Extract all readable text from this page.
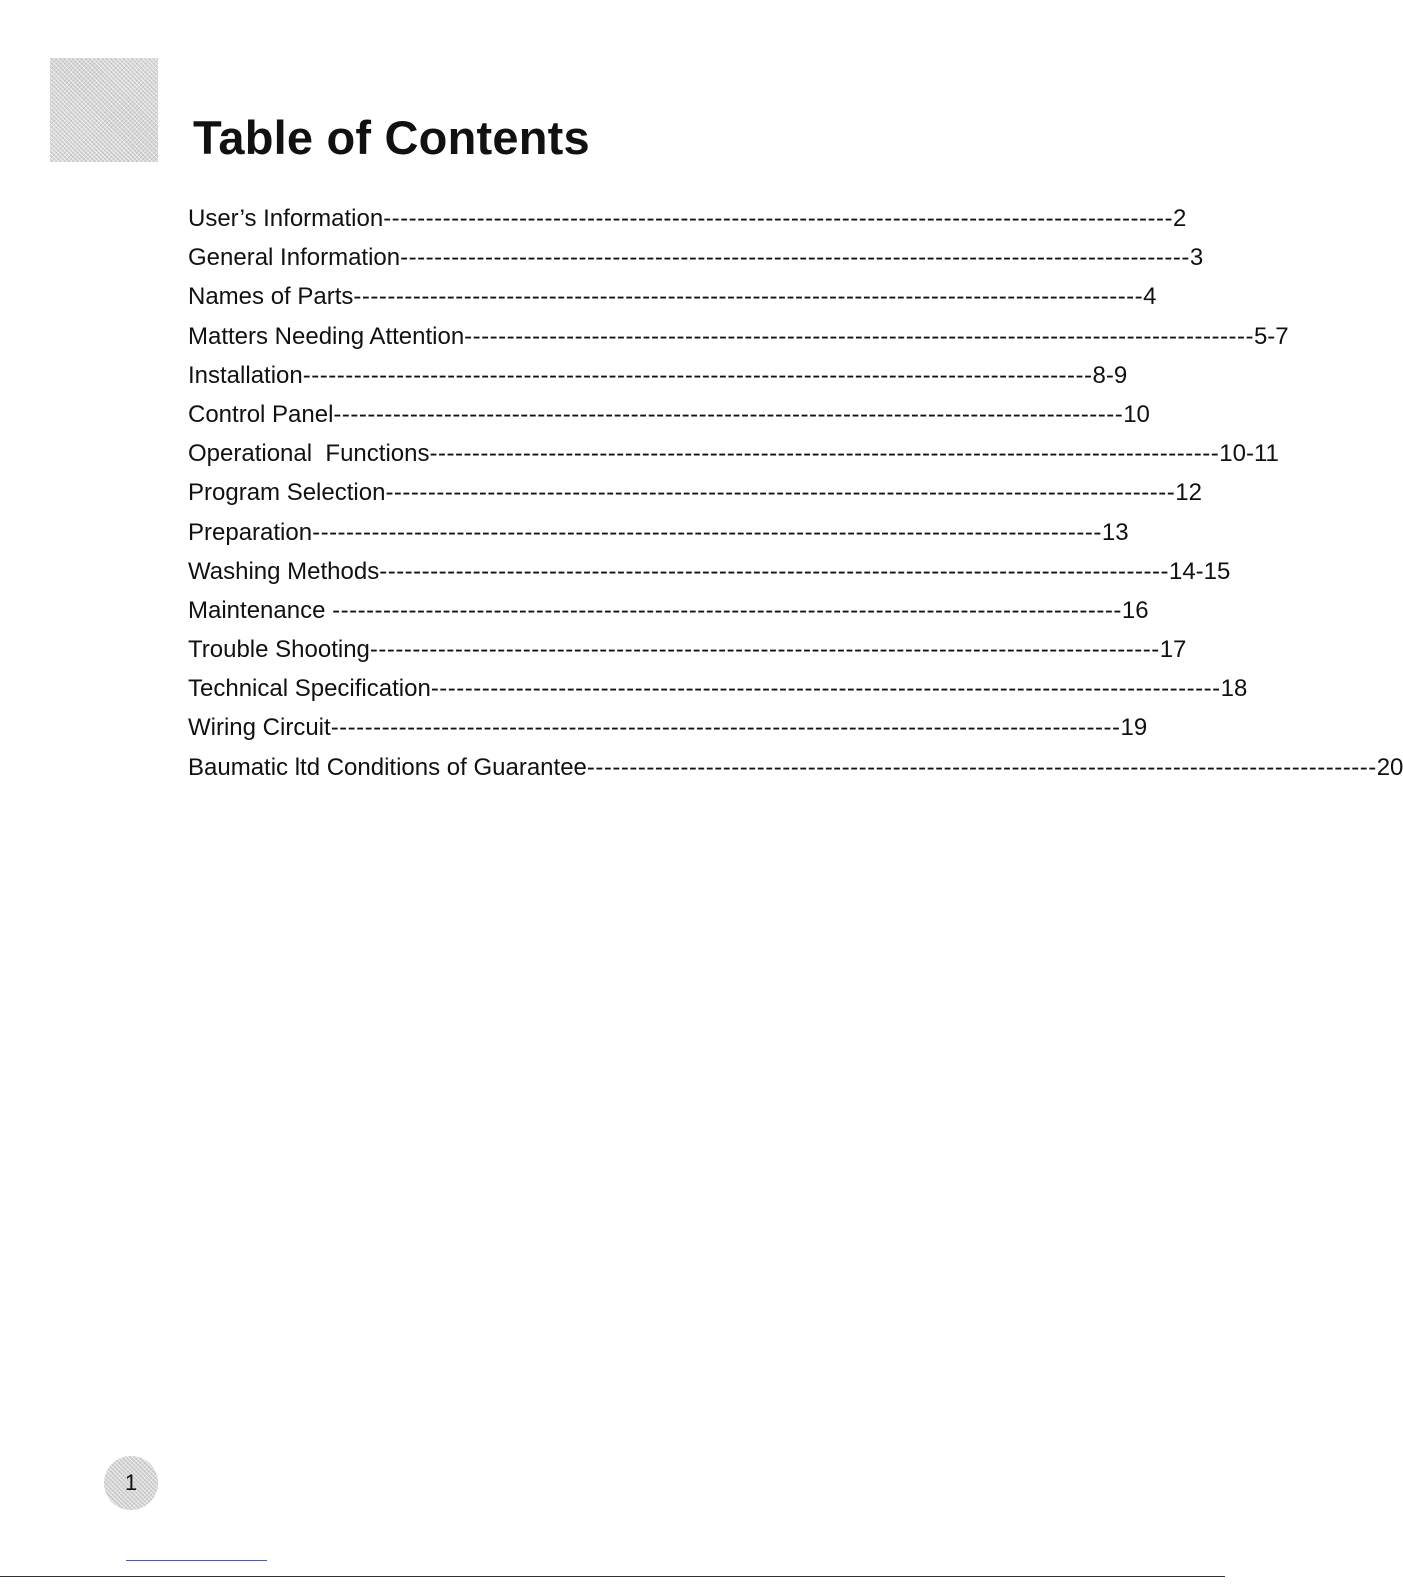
Table of Contents
User’s Information --------------------------------------------------------------------------------------------- 2
General Information --------------------------------------------------------------------------------------------- 3
Names of Parts --------------------------------------------------------------------------------------------- 4
Matters Needing Attention --------------------------------------------------------------------------------------------- 5-7
Installation --------------------------------------------------------------------------------------------- 8-9
Control Panel --------------------------------------------------------------------------------------------- 10
Operational  Functions --------------------------------------------------------------------------------------------- 10-11
Program Selection --------------------------------------------------------------------------------------------- 12
Preparation --------------------------------------------------------------------------------------------- 13
Washing Methods --------------------------------------------------------------------------------------------- 14-15
Maintenance --------------------------------------------------------------------------------------------- 16
Trouble Shooting --------------------------------------------------------------------------------------------- 17
Technical Specification --------------------------------------------------------------------------------------------- 18
Wiring Circuit --------------------------------------------------------------------------------------------- 19
Baumatic ltd Conditions of Guarantee --------------------------------------------------------------------------------------------- 20
1
